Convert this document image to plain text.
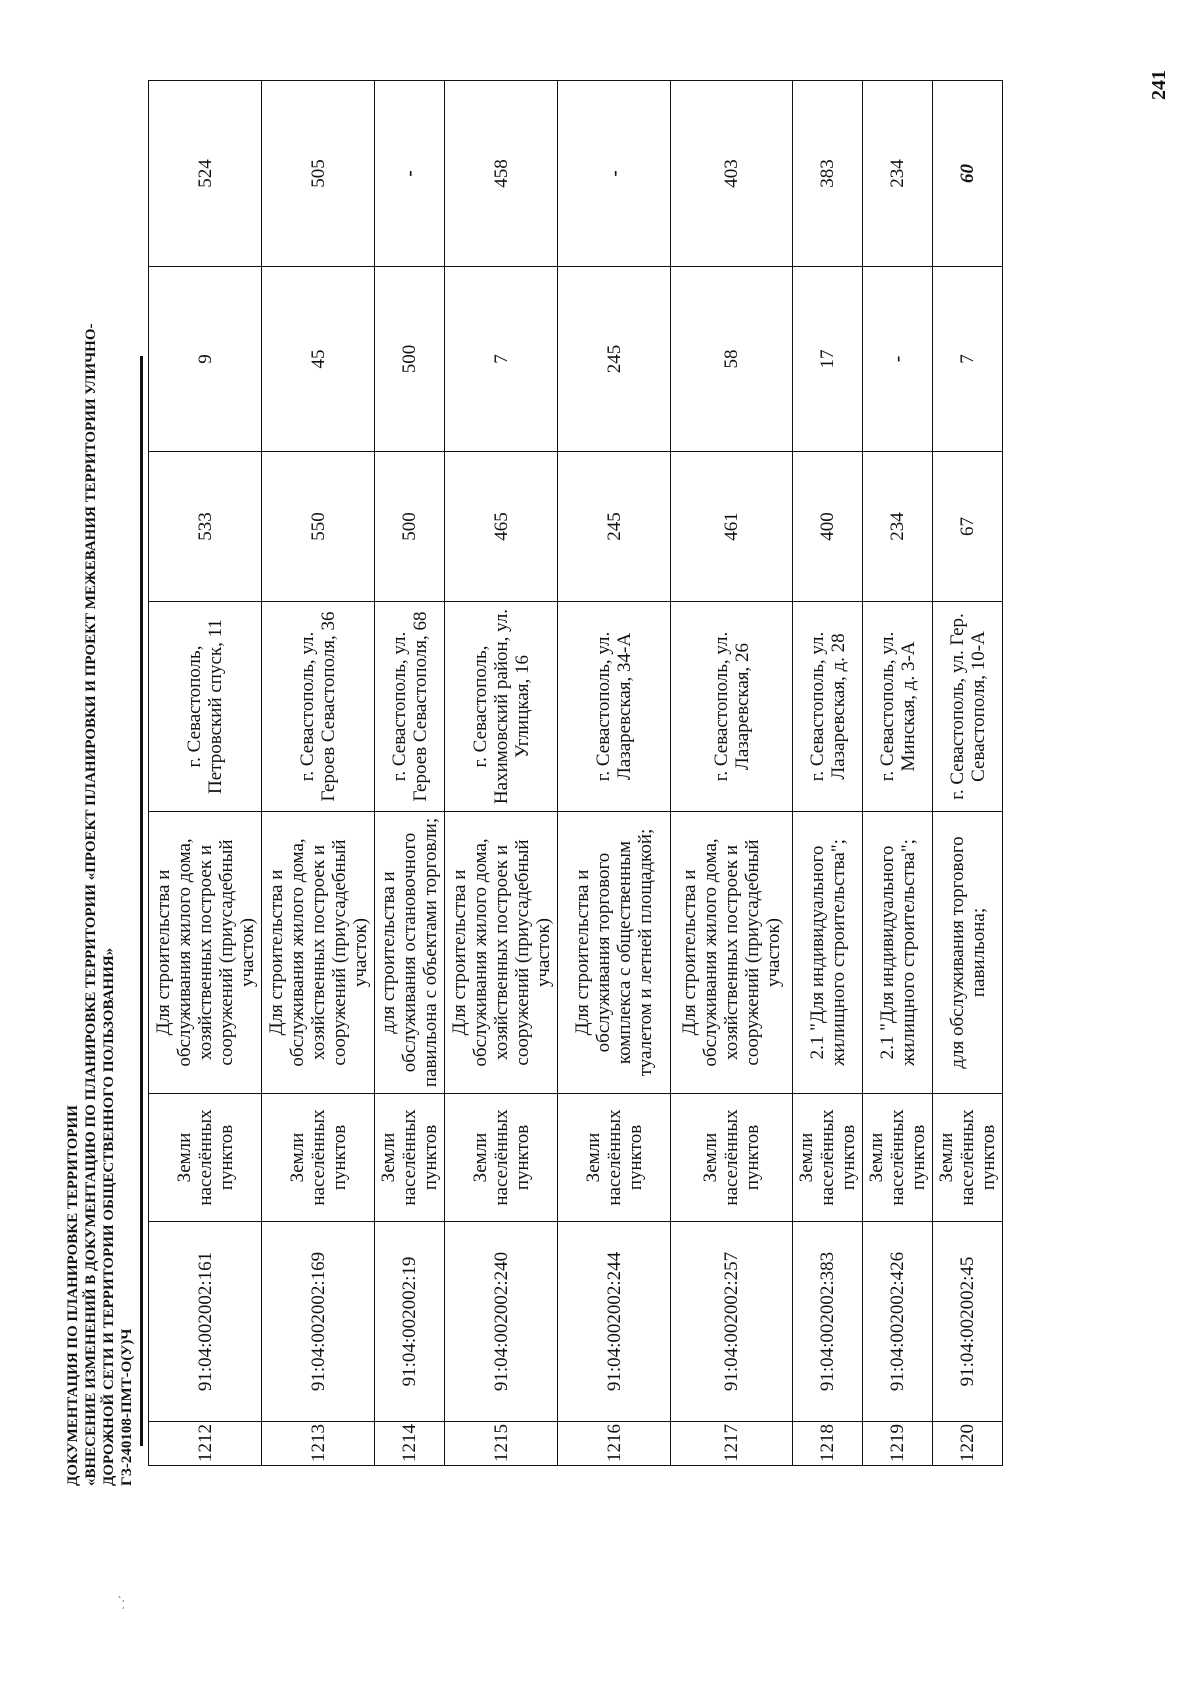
· ·´
ДОКУМЕНТАЦИЯ ПО ПЛАНИРОВКЕ ТЕРРИТОРИИ «ВНЕСЕНИЕ ИЗМЕНЕНИЙ В ДОКУМЕНТАЦИЮ ПО ПЛАНИРОВКЕ ТЕРРИТОРИИ «ПРОЕКТ ПЛАНИРОВКИ И ПРОЕКТ МЕЖЕВАНИЯ ТЕРРИТОРИИ УЛИЧНО- ДОРОЖНОЙ СЕТИ И ТЕРРИТОРИИ ОБЩЕСТВЕННОГО ПОЛЬЗОВАНИЯ» ГЗ-240108-ПМТ-О(У)Ч
241
1212	91:04:002002:161	Земли населённых пунктов	Для строительства и обслуживания жилого дома, хозяйственных построек и сооружений (приусадебный участок)	г. Севастополь, Петровский спуск, 11	533	9	524
1213	91:04:002002:169	Земли населённых пунктов	Для строительства и обслуживания жилого дома, хозяйственных построек и сооружений (приусадебный участок)	г. Севастополь, ул. Героев Севастополя, 36	550	45	505
1214	91:04:002002:19	Земли населённых пунктов	для строительства и обслуживания остановочного павильона с объектами торговли;	г. Севастополь, ул. Героев Севастополя, 68	500	500	-
1215	91:04:002002:240	Земли населённых пунктов	Для строительства и обслуживания жилого дома, хозяйственных построек и сооружений (приусадебный участок)	г. Севастополь, Нахимовский район, ул. Углицкая, 16	465	7	458
1216	91:04:002002:244	Земли населённых пунктов	Для строительства и обслуживания торгового комплекса с общественным туалетом и летней площадкой;	г. Севастополь, ул. Лазаревская, 34-А	245	245	-
1217	91:04:002002:257	Земли населённых пунктов	Для строительства и обслуживания жилого дома, хозяйственных построек и сооружений (приусадебный участок)	г. Севастополь, ул. Лазаревская, 26	461	58	403
1218	91:04:002002:383	Земли населённых пунктов	2.1 "Для индивидуального жилищного строительства";	г. Севастополь, ул. Лазаревская, д. 28	400	17	383
1219	91:04:002002:426	Земли населённых пунктов	2.1 "Для индивидуального жилищного строительства";	г. Севастополь, ул. Минская, д. 3-А	234	-	234
1220	91:04:002002:45	Земли населённых пунктов	для обслуживания торгового павильона;	г. Севастополь, ул. Гер. Севастополя, 10-А	67	7	60
